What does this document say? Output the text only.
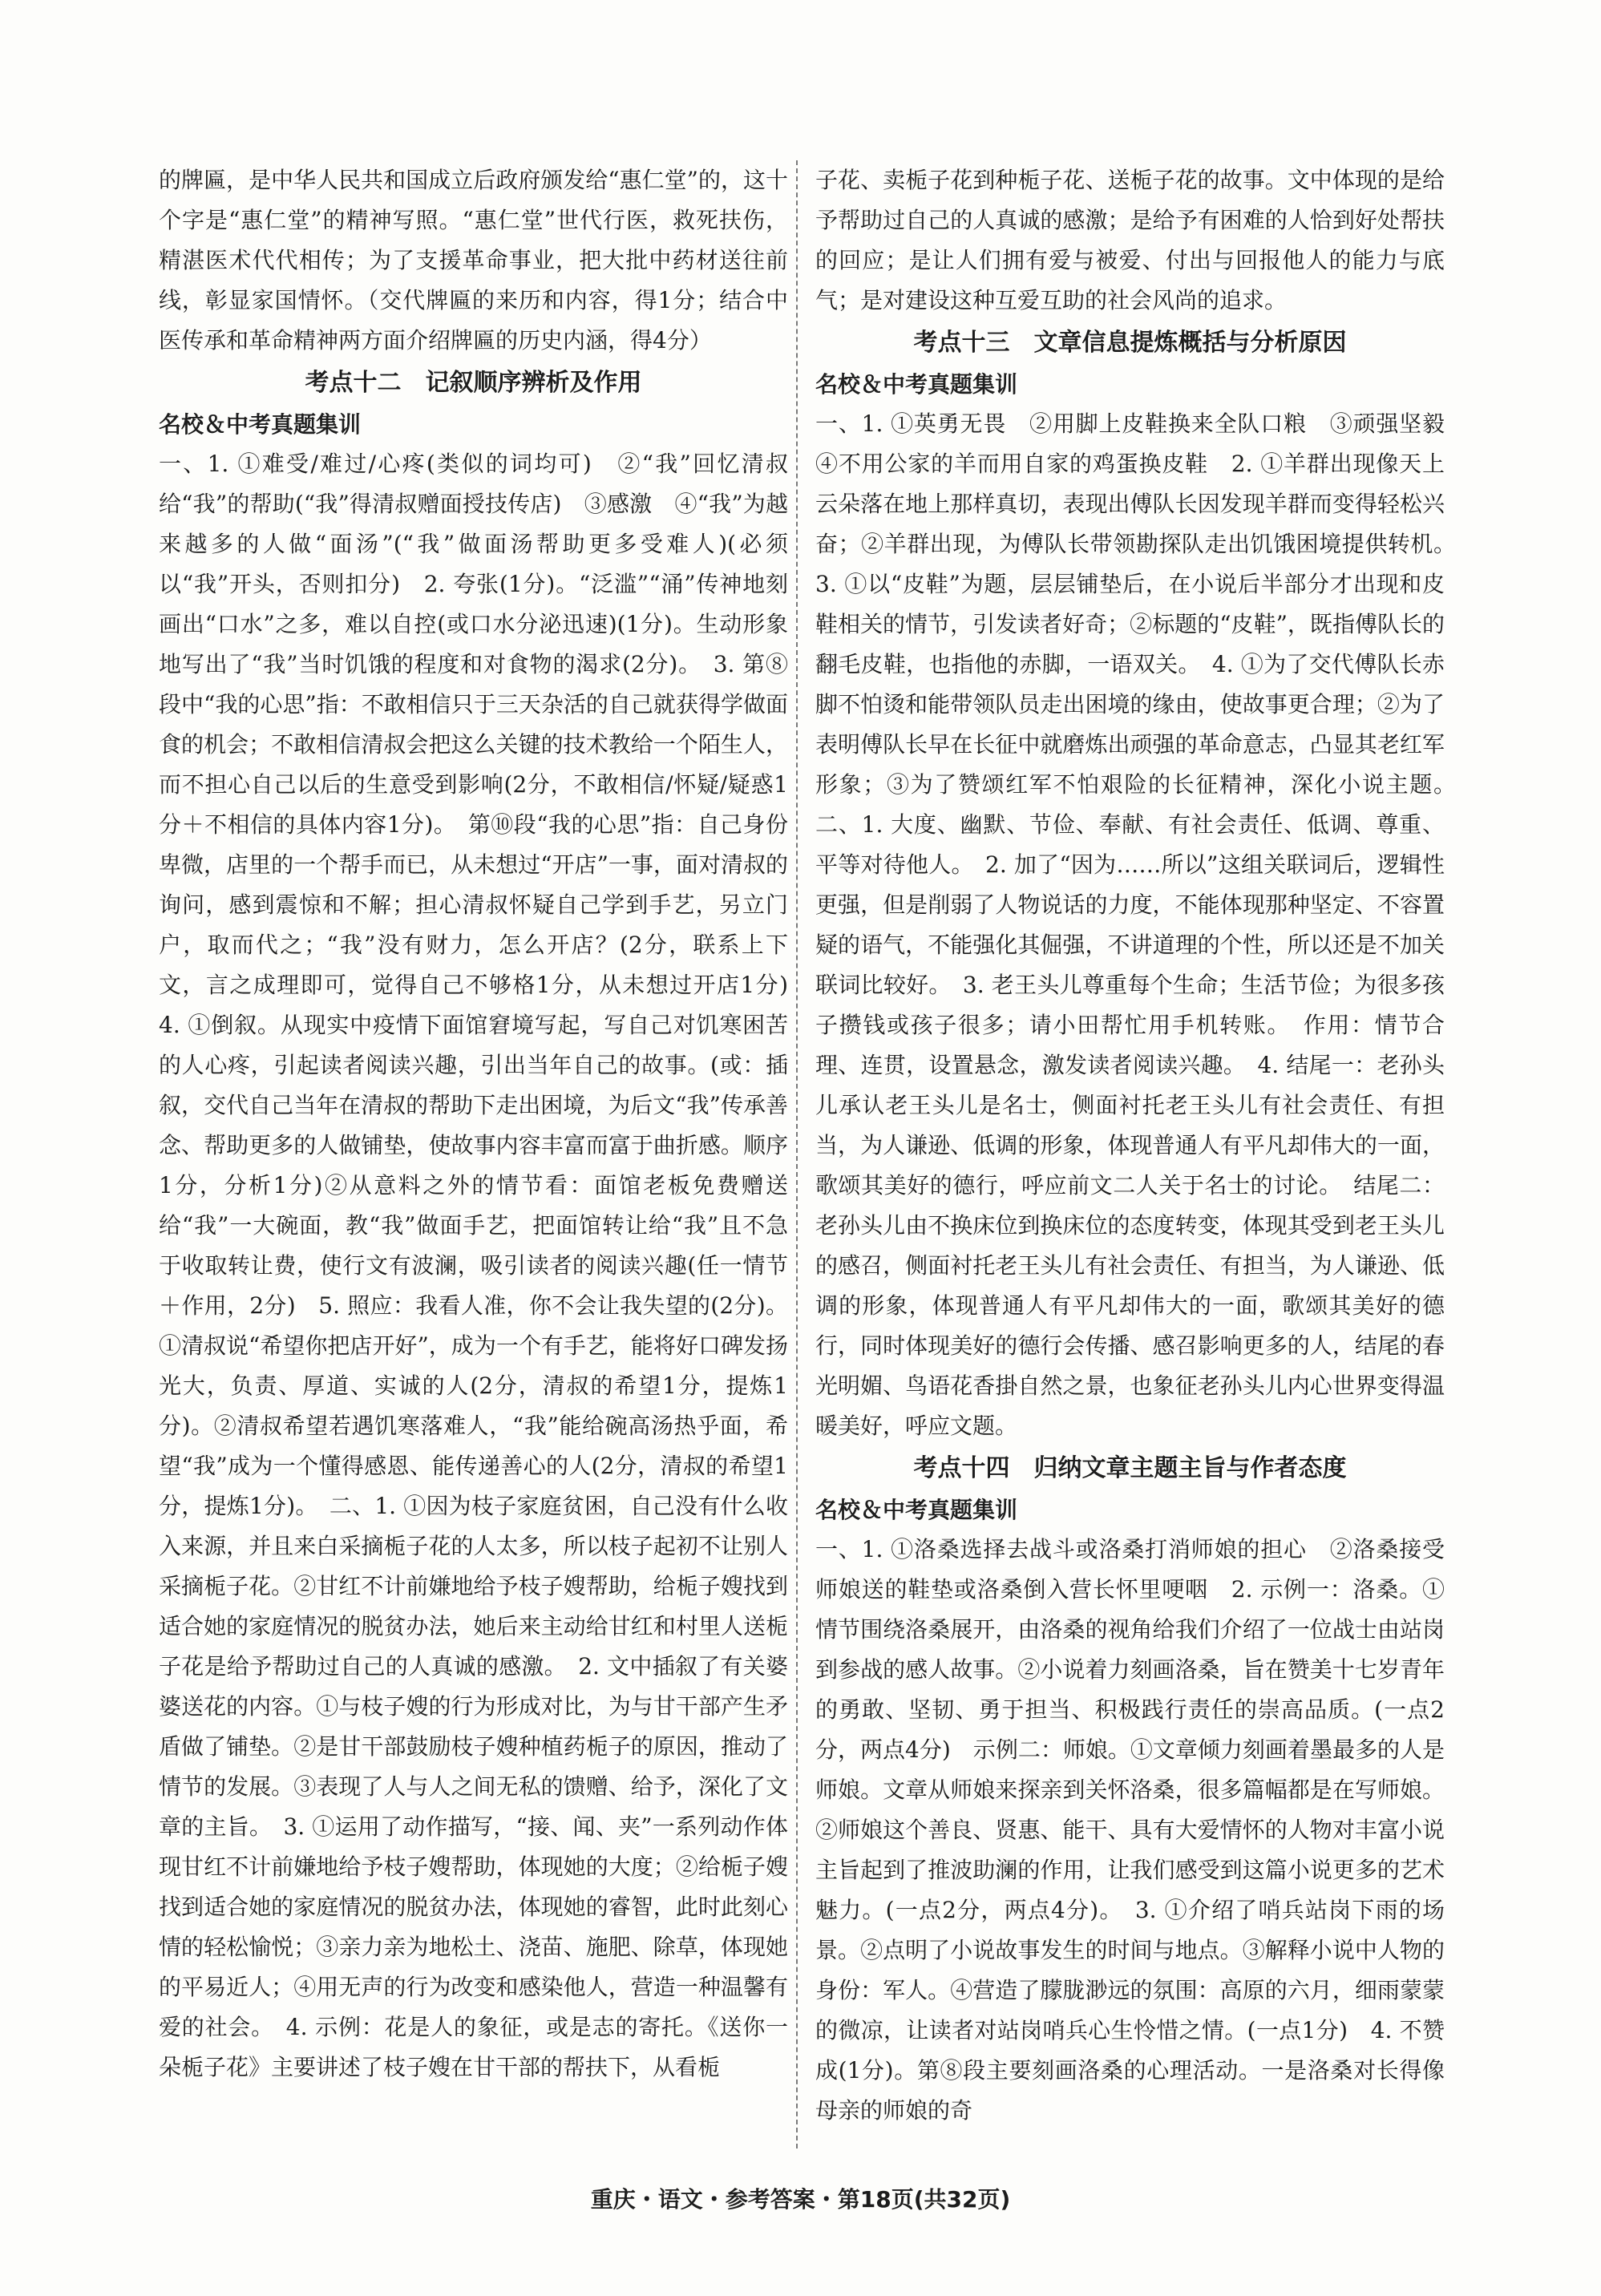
的牌匾，是中华人民共和国成立后政府颁发给“惠仁堂”的，这十个字是“惠仁堂”的精神写照。“惠仁堂”世代行医，救死扶伤，精湛医术代代相传；为了支援革命事业，把大批中药材送往前线，彰显家国情怀。（交代牌匾的来历和内容，得1分；结合中医传承和革命精神两方面介绍牌匾的历史内涵，得4分）

考点十二　记叙顺序辨析及作用
名校＆中考真题集训

一、1. ①难受/难过/心疼(类似的词均可)　②“我”回忆清叔给“我”的帮助(“我”得清叔赠面授技传店)　③感激　④“我”为越来越多的人做“面汤”(“我”做面汤帮助更多受难人)(必须以“我”开头，否则扣分)　2. 夸张(1分)。“泛滥”“涌”传神地刻画出“口水”之多，难以自控(或口水分泌迅速)(1分)。生动形象地写出了“我”当时饥饿的程度和对食物的渴求(2分)。　3. 第⑧段中“我的心思”指：不敢相信只于三天杂活的自己就获得学做面食的机会；不敢相信清叔会把这么关键的技术教给一个陌生人，而不担心自己以后的生意受到影响(2分，不敢相信/怀疑/疑惑1分＋不相信的具体内容1分)。　第⑩段“我的心思”指：自己身份卑微，店里的一个帮手而已，从未想过“开店”一事，面对清叔的询问，感到震惊和不解；担心清叔怀疑自己学到手艺，另立门户，取而代之；“我”没有财力，怎么开店？(2分，联系上下文，言之成理即可，觉得自己不够格1分，从未想过开店1分)　4. ①倒叙。从现实中疫情下面馆窘境写起，写自己对饥寒困苦的人心疼，引起读者阅读兴趣，引出当年自己的故事。(或：插叙，交代自己当年在清叔的帮助下走出困境，为后文“我”传承善念、帮助更多的人做铺垫，使故事内容丰富而富于曲折感。顺序1分，分析1分)②从意料之外的情节看：面馆老板免费赠送给“我”一大碗面，教“我”做面手艺，把面馆转让给“我”且不急于收取转让费，使行文有波澜，吸引读者的阅读兴趣(任一情节＋作用，2分)　5. 照应：我看人准，你不会让我失望的(2分)。①清叔说“希望你把店开好”，成为一个有手艺，能将好口碑发扬光大，负责、厚道、实诚的人(2分，清叔的希望1分，提炼1分)。②清叔希望若遇饥寒落难人，“我”能给碗高汤热乎面，希望“我”成为一个懂得感恩、能传递善心的人(2分，清叔的希望1分，提炼1分)。　二、1. ①因为枝子家庭贫困，自己没有什么收入来源，并且来白采摘栀子花的人太多，所以枝子起初不让别人采摘栀子花。②甘红不计前嫌地给予枝子嫂帮助，给栀子嫂找到适合她的家庭情况的脱贫办法，她后来主动给甘红和村里人送栀子花是给予帮助过自己的人真诚的感激。　2. 文中插叙了有关婆婆送花的内容。①与枝子嫂的行为形成对比，为与甘干部产生矛盾做了铺垫。②是甘干部鼓励枝子嫂种植药栀子的原因，推动了情节的发展。③表现了人与人之间无私的馈赠、给予，深化了文章的主旨。　3. ①运用了动作描写，“接、闻、夹”一系列动作体现甘红不计前嫌地给予枝子嫂帮助，体现她的大度；②给栀子嫂找到适合她的家庭情况的脱贫办法，体现她的睿智，此时此刻心情的轻松愉悦；③亲力亲为地松土、浇苗、施肥、除草，体现她的平易近人；④用无声的行为改变和感染他人，营造一种温馨有爱的社会。　4. 示例：花是人的象征，或是志的寄托。《送你一朵栀子花》主要讲述了枝子嫂在甘干部的帮扶下，从看栀

子花、卖栀子花到种栀子花、送栀子花的故事。文中体现的是给予帮助过自己的人真诚的感激；是给予有困难的人恰到好处帮扶的回应；是让人们拥有爱与被爱、付出与回报他人的能力与底气；是对建设这种互爱互助的社会风尚的追求。

考点十三　文章信息提炼概括与分析原因
名校＆中考真题集训

一、1. ①英勇无畏　②用脚上皮鞋换来全队口粮　③顽强坚毅　④不用公家的羊而用自家的鸡蛋换皮鞋　2. ①羊群出现像天上云朵落在地上那样真切，表现出傅队长因发现羊群而变得轻松兴奋；②羊群出现，为傅队长带领勘探队走出饥饿困境提供转机。　3. ①以“皮鞋”为题，层层铺垫后，在小说后半部分才出现和皮鞋相关的情节，引发读者好奇；②标题的“皮鞋”，既指傅队长的翻毛皮鞋，也指他的赤脚，一语双关。　4. ①为了交代傅队长赤脚不怕烫和能带领队员走出困境的缘由，使故事更合理；②为了表明傅队长早在长征中就磨炼出顽强的革命意志，凸显其老红军形象；③为了赞颂红军不怕艰险的长征精神，深化小说主题。　二、1. 大度、幽默、节俭、奉献、有社会责任、低调、尊重、平等对待他人。　2. 加了“因为……所以”这组关联词后，逻辑性更强，但是削弱了人物说话的力度，不能体现那种坚定、不容置疑的语气，不能强化其倔强，不讲道理的个性，所以还是不加关联词比较好。　3. 老王头儿尊重每个生命；生活节俭；为很多孩子攒钱或孩子很多；请小田帮忙用手机转账。　作用：情节合理、连贯，设置悬念，激发读者阅读兴趣。　4. 结尾一：老孙头儿承认老王头儿是名士，侧面衬托老王头儿有社会责任、有担当，为人谦逊、低调的形象，体现普通人有平凡却伟大的一面，歌颂其美好的德行，呼应前文二人关于名士的讨论。　结尾二：老孙头儿由不换床位到换床位的态度转变，体现其受到老王头儿的感召，侧面衬托老王头儿有社会责任、有担当，为人谦逊、低调的形象，体现普通人有平凡却伟大的一面，歌颂其美好的德行，同时体现美好的德行会传播、感召影响更多的人，结尾的春光明媚、鸟语花香掛自然之景，也象征老孙头儿内心世界变得温暖美好，呼应文题。

考点十四　归纳文章主题主旨与作者态度
名校＆中考真题集训

一、1. ①洛桑选择去战斗或洛桑打消师娘的担心　②洛桑接受师娘送的鞋垫或洛桑倒入营长怀里哽咽　2. 示例一：洛桑。①情节围绕洛桑展开，由洛桑的视角给我们介绍了一位战士由站岗到参战的感人故事。②小说着力刻画洛桑，旨在赞美十七岁青年的勇敢、坚韧、勇于担当、积极践行责任的崇高品质。(一点2分，两点4分)　示例二：师娘。①文章倾力刻画着墨最多的人是师娘。文章从师娘来探亲到关怀洛桑，很多篇幅都是在写师娘。②师娘这个善良、贤惠、能干、具有大爱情怀的人物对丰富小说主旨起到了推波助澜的作用，让我们感受到这篇小说更多的艺术魅力。(一点2分，两点4分)。　3. ①介绍了哨兵站岗下雨的场景。②点明了小说故事发生的时间与地点。③解释小说中人物的身份：军人。④营造了朦胧渺远的氛围：高原的六月，细雨蒙蒙的微凉，让读者对站岗哨兵心生怜惜之情。(一点1分)　4. 不赞成(1分)。第⑧段主要刻画洛桑的心理活动。一是洛桑对长得像母亲的师娘的奇

重庆・语文・参考答案・第18页(共32页)
